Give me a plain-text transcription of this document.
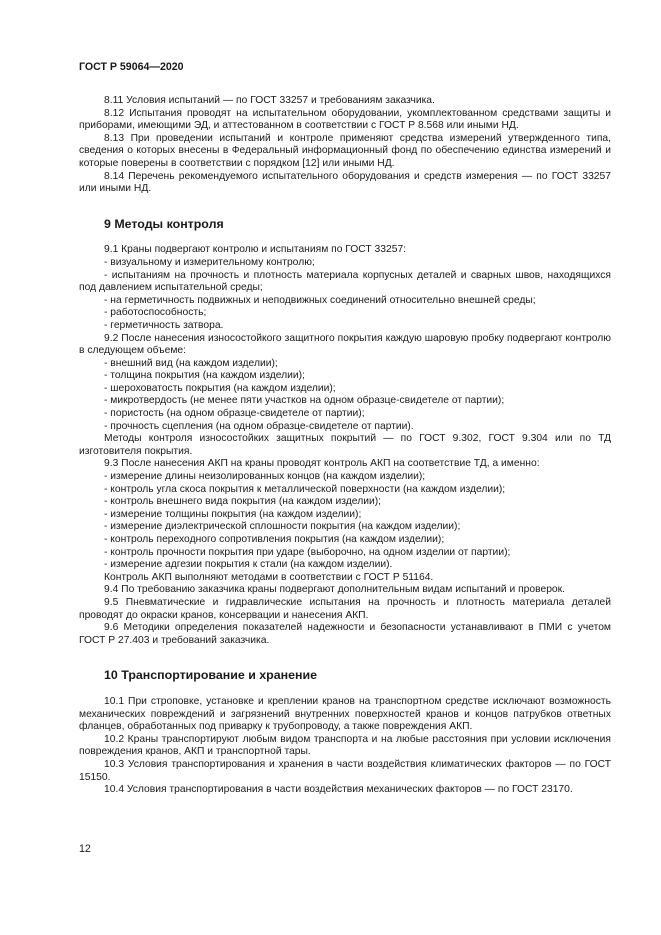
ГОСТ Р 59064—2020

8.11 Условия испытаний — по ГОСТ 33257 и требованиям заказчика.

8.12 Испытания проводят на испытательном оборудовании, укомплектованном средствами защиты и приборами, имеющими ЭД, и аттестованном в соответствии с ГОСТ Р 8.568 или иными НД.

8.13 При проведении испытаний и контроле применяют средства измерений утвержденного типа, сведения о которых внесены в Федеральный информационный фонд по обеспечению единства измерений и которые поверены в соответствии с порядком [12] или иными НД.

8.14 Перечень рекомендуемого испытательного оборудования и средств измерения — по ГОСТ 33257 или иными НД.

9 Методы контроля

9.1 Краны подвергают контролю и испытаниям по ГОСТ 33257:

- визуальному и измерительному контролю;

- испытаниям на прочность и плотность материала корпусных деталей и сварных швов, находящихся под давлением испытательной среды;

- на герметичность подвижных и неподвижных соединений относительно внешней среды;

- работоспособность;

- герметичность затвора.

9.2 После нанесения износостойкого защитного покрытия каждую шаровую пробку подвергают контролю в следующем объеме:

- внешний вид (на каждом изделии);

- толщина покрытия (на каждом изделии);

- шероховатость покрытия (на каждом изделии);

- микротвердость (не менее пяти участков на одном образце-свидетеле от партии);

- пористость (на одном образце-свидетеле от партии);

- прочность сцепления (на одном образце-свидетеле от партии).

Методы контроля износостойких защитных покрытий — по ГОСТ 9.302, ГОСТ 9.304 или по ТД изготовителя покрытия.

9.3 После нанесения АКП на краны проводят контроль АКП на соответствие ТД, а именно:

- измерение длины неизолированных концов (на каждом изделии);

- контроль угла скоса покрытия к металлической поверхности (на каждом изделии);

- контроль внешнего вида покрытия (на каждом изделии);

- измерение толщины покрытия (на каждом изделии);

- измерение диэлектрической сплошности покрытия (на каждом изделии);

- контроль переходного сопротивления покрытия (на каждом изделии);

- контроль прочности покрытия при ударе (выборочно, на одном изделии от партии);

- измерение адгезии покрытия к стали (на каждом изделии).

Контроль АКП выполняют методами в соответствии с ГОСТ Р 51164.

9.4 По требованию заказчика краны подвергают дополнительным видам испытаний и проверок.

9.5 Пневматические и гидравлические испытания на прочность и плотность материала деталей проводят до окраски кранов, консервации и нанесения АКП.

9.6 Методики определения показателей надежности и безопасности устанавливают в ПМИ с учетом ГОСТ Р 27.403 и требований заказчика.

10 Транспортирование и хранение

10.1 При строповке, установке и креплении кранов на транспортном средстве исключают возможность механических повреждений и загрязнений внутренних поверхностей кранов и концов патрубков ответных фланцев, обработанных под приварку к трубопроводу, а также повреждения АКП.

10.2 Краны транспортируют любым видом транспорта и на любые расстояния при условии исключения повреждения кранов, АКП и транспортной тары.

10.3 Условия транспортирования и хранения в части воздействия климатических факторов — по ГОСТ 15150.

10.4 Условия транспортирования в части воздействия механических факторов — по ГОСТ 23170.

12
